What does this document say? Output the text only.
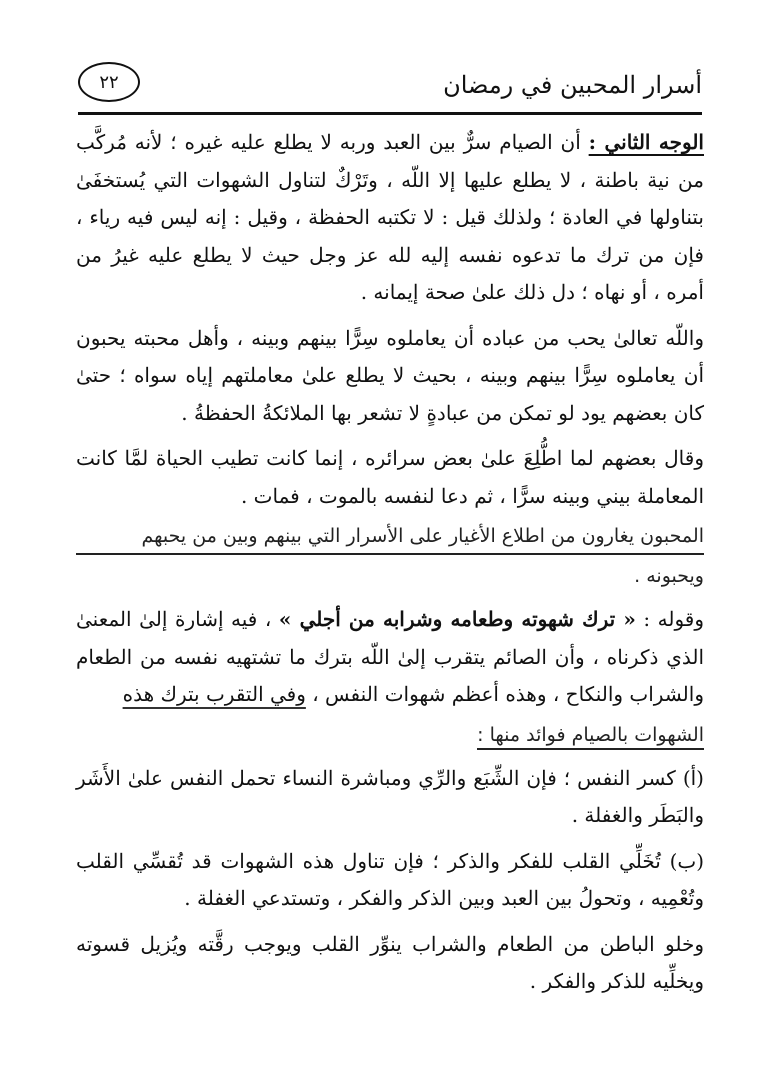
أسرار المحبين في رمضان
٢٢

الوجه الثاني : أن الصيام سرٌّ بين العبد وربه لا يطلع عليه غيره ؛ لأنه مُركَّب من نية باطنة ، لا يطلع عليها إلا اللّه ، وتَرْكٌ لتناول الشهوات التي يُستخفَىٰ بتناولها في العادة ؛ ولذلك قيل : لا تكتبه الحفظة ، وقيل : إنه ليس فيه رياء ، فإن من ترك ما تدعوه نفسه إليه لله عز وجل حيث لا يطلع عليه غيرُ من أمره ، أو نهاه ؛ دل ذلك علىٰ صحة إيمانه .

واللّه تعالىٰ يحب من عباده أن يعاملوه سِرًّا بينهم وبينه ، وأهل محبته يحبون أن يعاملوه سِرًّا بينهم وبينه ، بحيث لا يطلع علىٰ معاملتهم إياه سواه ؛ حتىٰ كان بعضهم يود لو تمكن من عبادةٍ لا تشعر بها الملائكةُ الحفظةُ .

وقال بعضهم لما اطُّلِعَ علىٰ بعض سرائره ، إنما كانت تطيب الحياة لمَّا كانت المعاملة بيني وبينه سرًّا ، ثم دعا لنفسه بالموت ، فمات .

المحبون يغارون من اطلاع الأغيار على الأسرار التي بينهم وبين من يحبهم
ويحبونه .

وقوله : « ترك شهوته وطعامه وشرابه من أجلي » ، فيه إشارة إلىٰ المعنىٰ الذي ذكرناه ، وأن الصائم يتقرب إلىٰ اللّه بترك ما تشتهيه نفسه من الطعام والشراب والنكاح ، وهذه أعظم شهوات النفس ، وفي التقرب بترك هذه

الشهوات بالصيام فوائد منها :

(أ) كسر النفس ؛ فإن الشِّبَع والرِّي ومباشرة النساء تحمل النفس علىٰ الأَشَر والبَطَر والغفلة .

(ب) تُخَلِّي القلب للفكر والذكر ؛ فإن تناول هذه الشهوات قد تُقسِّي القلب وتُعْمِيه ، وتحولُ بين العبد وبين الذكر والفكر ، وتستدعي الغفلة .

وخلو الباطن من الطعام والشراب ينوِّر القلب ويوجب رقَّته ويُزيل قسوته ويخلِّيه للذكر والفكر .
